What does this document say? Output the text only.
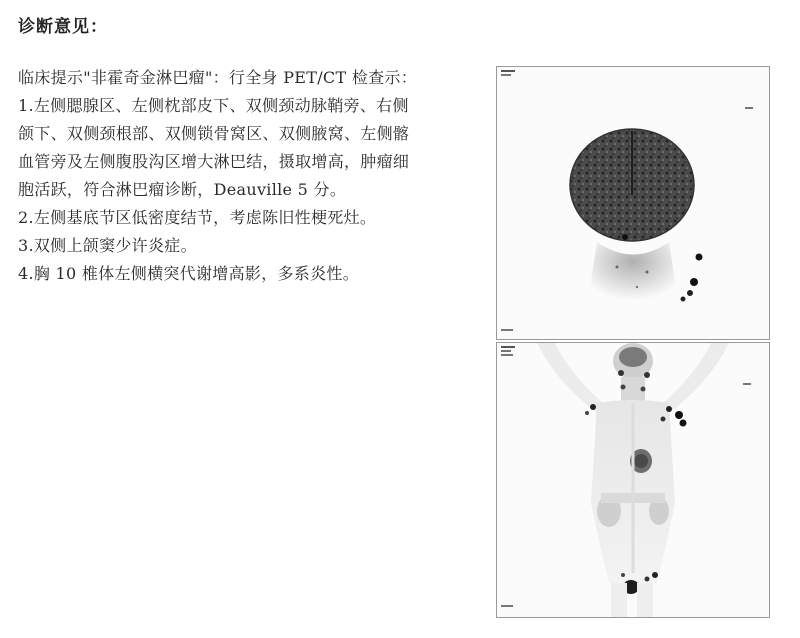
诊断意见：
临床提示"非霍奇金淋巴瘤"：行全身 PET/CT 检查示：
1.左侧腮腺区、左侧枕部皮下、双侧颈动脉鞘旁、右侧
颌下、双侧颈根部、双侧锁骨窝区、双侧腋窝、左侧髂
血管旁及左侧腹股沟区增大淋巴结，摄取增高，肿瘤细
胞活跃，符合淋巴瘤诊断，Deauville 5 分。
2.左侧基底节区低密度结节，考虑陈旧性梗死灶。
3.双侧上颌窦少许炎症。
4.胸 10 椎体左侧横突代谢增高影，多系炎性。
